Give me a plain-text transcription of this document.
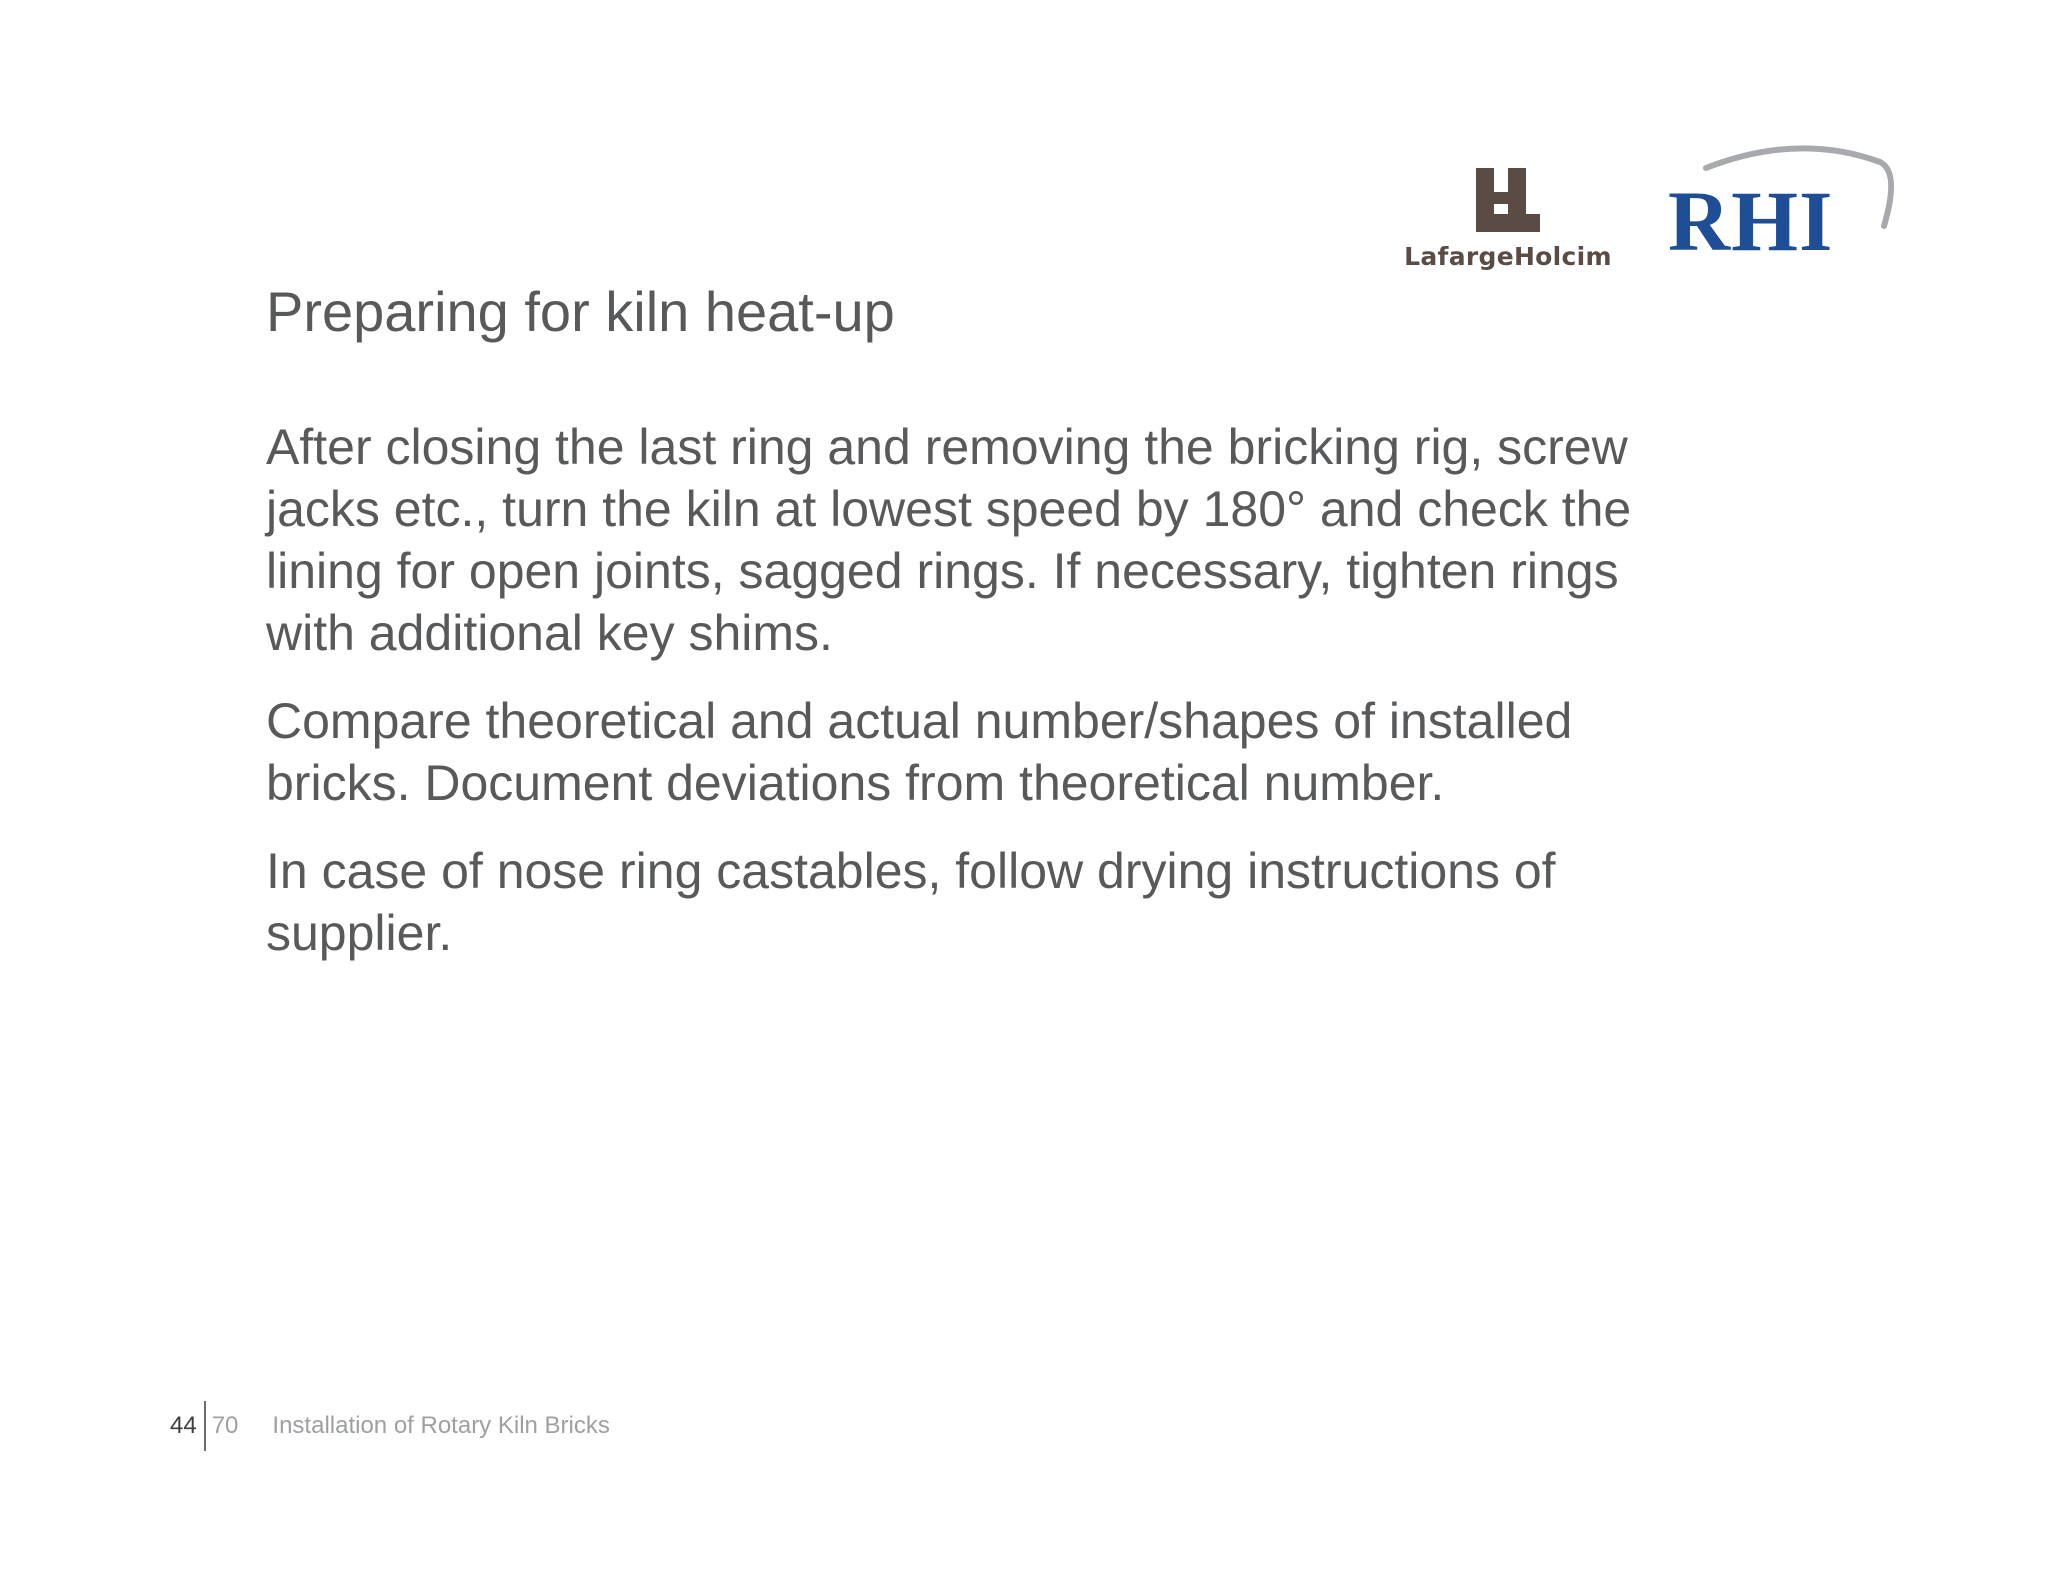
LafargeHolcim RHI
Preparing for kiln heat-up

After closing the last ring and removing the bricking rig, screw jacks etc., turn the kiln at lowest speed by 180° and check the lining for open joints, sagged rings. If necessary, tighten rings with additional key shims.

Compare theoretical and actual number/shapes of installed bricks. Document deviations from theoretical number.

In case of nose ring castables, follow drying instructions of supplier.

44 70 Installation of Rotary Kiln Bricks
